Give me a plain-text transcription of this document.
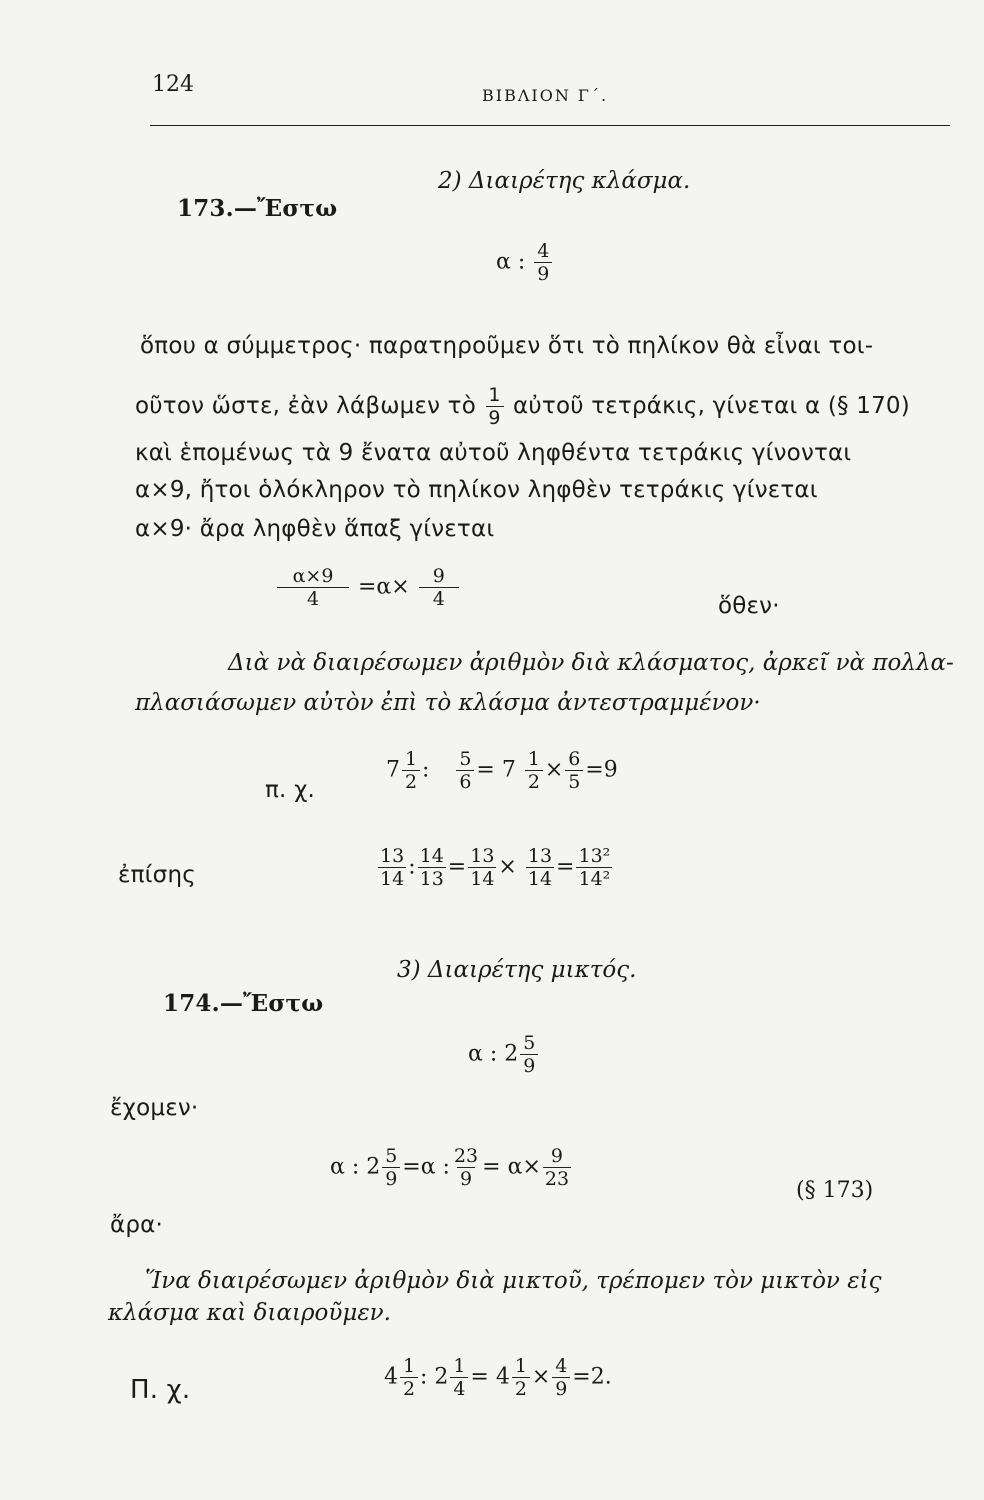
124	ΒΙΒΛΙΟΝ Γ΄.
2) Διαιρέτης κλάσμα.
173.—Ἔστω
α : $\frac{4}{9}$
ὅπου α σύμμετρος· παρατηροῦμεν ὅτι τὸ πηλίκον θὰ εἶναι τοι-
οῦτον ὥστε, ἐὰν λάβωμεν τὸ $\frac{1}{9}$ αὐτοῦ τετράκις, γίνεται α (§ 170)
καὶ ἑπομένως τὰ 9 ἔνατα αὐτοῦ ληφθέντα τετράκις γίνονται
α×9, ἤτοι ὁλόκληρον τὸ πηλίκον ληφθὲν τετράκις γίνεται
α×9· ἄρα ληφθὲν ἅπαξ γίνεται
$\frac{\alpha\times 9}{4} =\alpha\times \frac{9}{4}$	ὅθεν·
Διὰ νὰ διαιρέσωμεν ἀριθμὸν διὰ κλάσματος, ἀρκεῖ νὰ πολλα-
πλασιάσωμεν αὐτὸν ἐπὶ τὸ κλάσμα ἀντεστραμμένον·
π. χ.
$7 \frac{1}{2}$ : $\frac{5}{6} = 7 \frac{1}{2} \times \frac{6}{5} =9$
ἐπίσης	$\frac{13}{14}$ : $\frac{14}{13} = \frac{13}{14} \times \frac{13}{14} = \frac{\text{13²}}{\text{14²}}$
3) Διαιρέτης μικτός.
174.—Ἔστω
α : $2 \frac{5}{9}$
ἔχομεν·
α : $2 \frac{5}{9} =\alpha$ : $\frac{23}{9} = \alpha\times \frac{9}{23}$
(§ 173)
ἄρα·
Ἵνα διαιρέσωμεν ἀριθμὸν διὰ μικτοῦ, τρέπομεν τὸν μικτὸν εἰς
κλάσμα καὶ διαιροῦμεν.
Π. χ.	$4 \frac{1}{2}$ : $2 \frac{1}{4} = 4 \frac{1}{2} \times \frac{4}{9} =2$.
